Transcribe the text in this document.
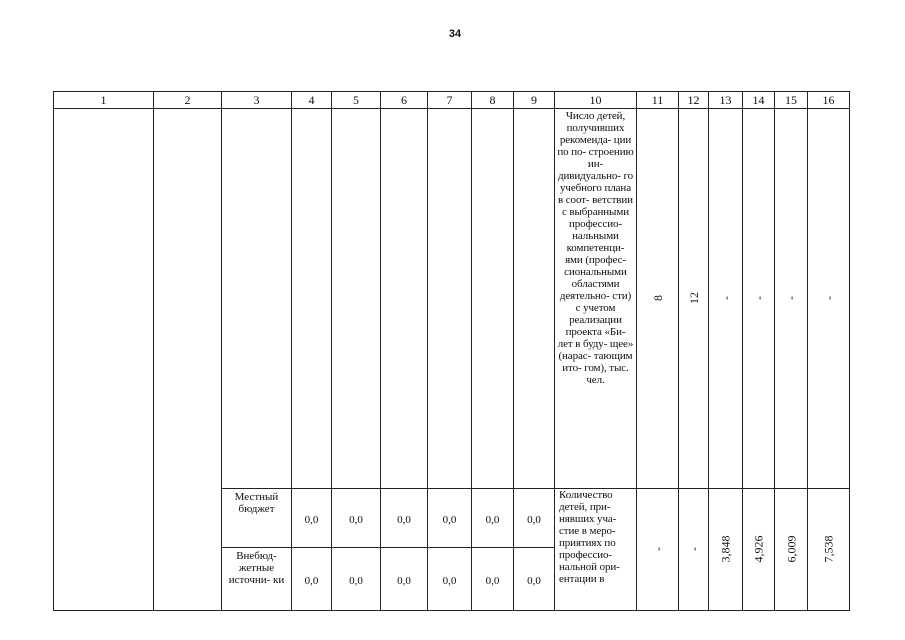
34
1	2	3	4	5	6	7	8	9	10	11	12	13	14	15	16
									Число детей, получивших рекоменда- ции по по- строению ин- дивидуально- го учебного плана в соот- ветствии с выбранными профессио- нальными компетенци- ями (профес- сиональными областями деятельно- сти) с учетом реализации проекта «Би- лет в буду- щее» (нарас- тающим ито- гом), тыс. чел.	8	12	-	-	-	-
		Местный бюджет	0,0	0,0	0,0	0,0	0,0	0,0	Количество детей, при- нявших уча- стие в меро- приятиях по профессио- нальной ори- ентации в	-	-	3,848	4,926	6,009	7,538
		Внебюд- жетные источни- ки	0,0	0,0	0,0	0,0	0,0	0,0							
